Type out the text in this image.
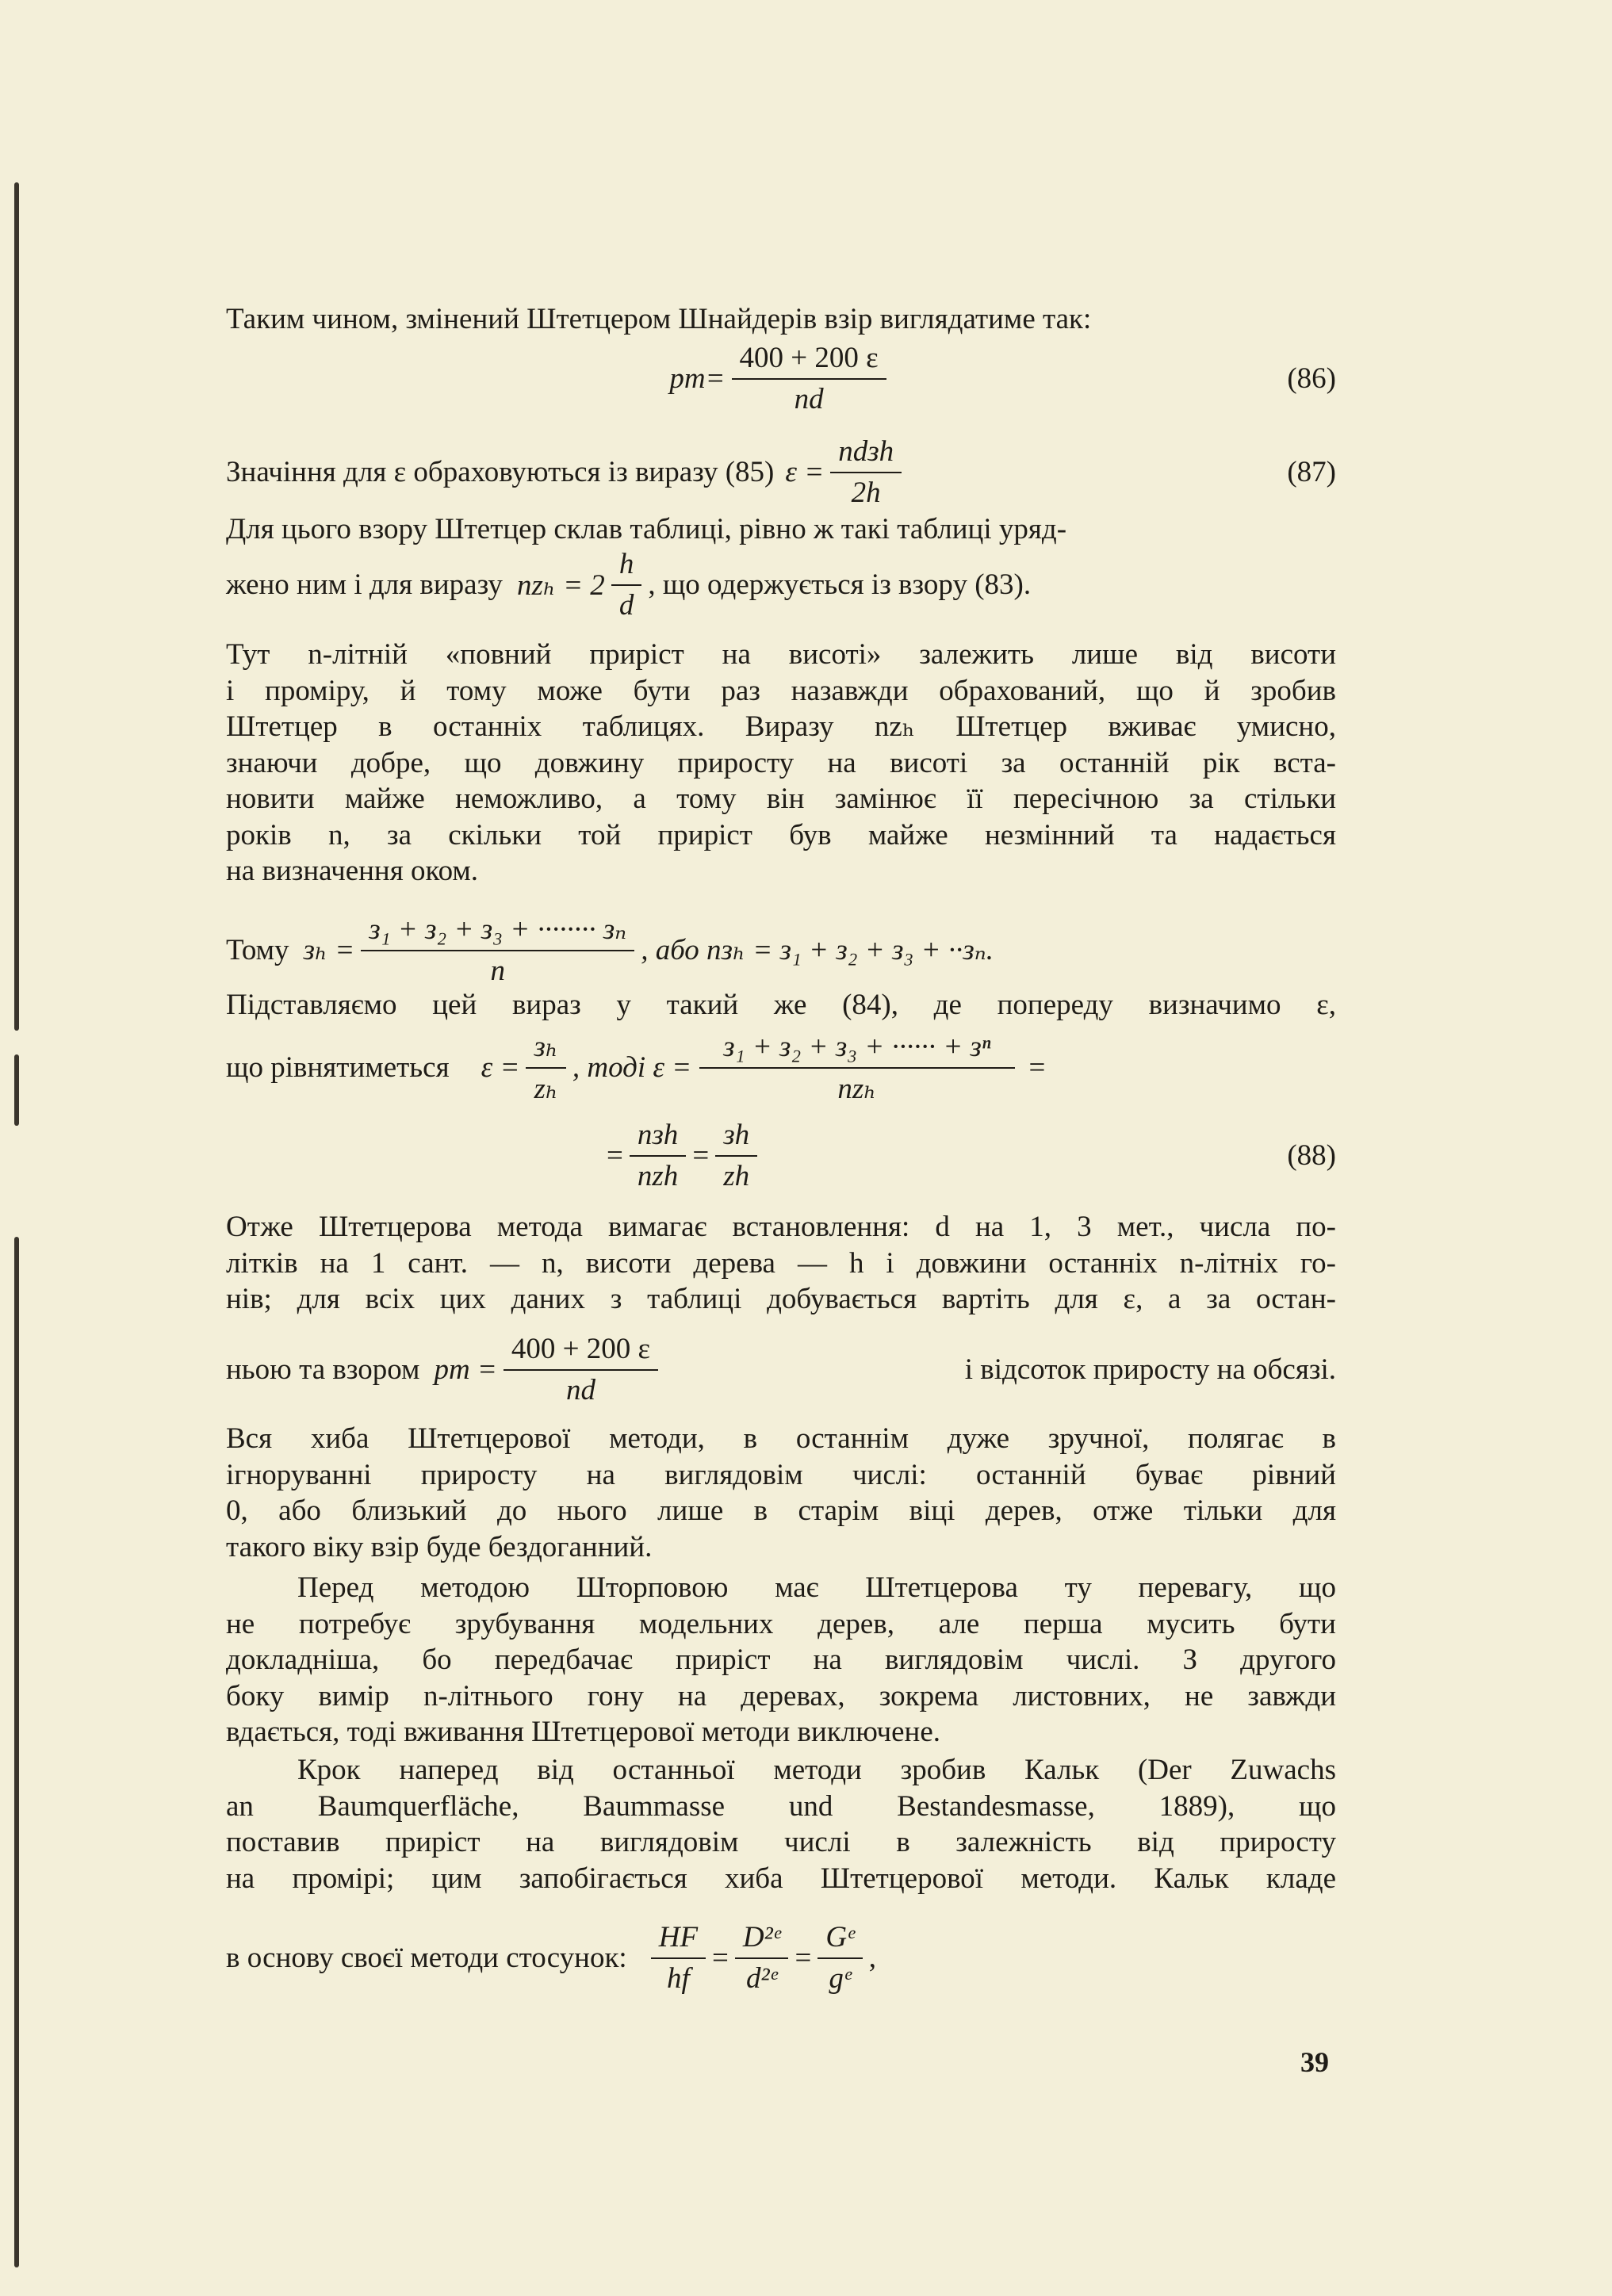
Таким чином, змінений Штетцером Шнайдерів взір виглядатиме так:
$pm= \frac{400 + 200 \varepsilon}{nd}$	(86)
Значіння для ε обраховуються із виразу (85) $\varepsilon = \frac{\text{ndзh}}{2h}$	(87)
Для цього взору Штетцер склав таблиці, рівно ж такі таблиці уряд-
жено ним і для виразу $nz_h = 2 \frac{h}{d}$ , що одержується із взору (83).
Тут n-літній «повний приріст на висоті» залежить лише від висоти
і проміру, й тому може бути раз назавжди обрахований, що й зробив
Штетцер в останніх таблицях. Виразу nzₕ Штетцер вживає умисно,
знаючи добре, що довжину приросту на висоті за останній рік вста-
новити майже неможливо, а тому він замінює її пересічною за стільки
років n, за скільки той приріст був майже незмінний та надається
на визначення оком.
Тому $з_h = \frac{\text{з₁ + з₂ + з₃ + ········ зₙ}}{n}$ , або nзₕ = з₁ + з₂ + з₃ + ··зₙ.
Підставляємо цей вираз у такий же (84), де попереду визначимо ε,
що рівнятиметься $\varepsilon = \frac{\text{зₕ}}{\text{zₕ}}$ , тоді $\varepsilon = \frac{\text{з₁ + з₂ + з₃ + ······ + зⁿ}}{\text{nzₕ}}$ =
= $\frac{\text{nзh}}{\text{nzh}} = \frac{зh}{zh}$	(88)
Отже Штетцерова метода вимагає встановлення: d на 1, 3 мет., числа по-
літків на 1 сант. — n, висоти дерева — h і довжини останніх n-літніх го-
нів; для всіх цих даних з таблиці добувається вартіть для ε, а за остан-
ньою та взором pm = $\frac{400 + 200 \varepsilon}{nd}$	і відсоток приросту на обсязі.
Вся хиба Штетцерової методи, в останнім дуже зручної, полягає в
ігноруванні приросту на виглядовім числі: останній буває рівний
0, або близький до нього лише в старім віці дерев, отже тільки для
такого віку взір буде бездоганний.
Перед методою Шторповою має Штетцерова ту перевагу, що
не потребує зрубування модельних дерев, але перша мусить бути
докладніша, бо передбачає приріст на виглядовім числі. З другого
боку вимір n-літнього гону на деревах, зокрема листовних, не завжди
вдається, тоді вживання Штетцерової методи виключене.
Крок наперед від останньої методи зробив Кальк (Der Zuwachs
an Baumquerfläche, Baummasse und Bestandesmasse, 1889), що
поставив приріст на виглядовім числі в залежність від приросту
на промірі; цим запобігається хиба Штетцерової методи. Кальк кладе
в основу своєї методи стосунок: $\frac{HF}{hf} = \frac{\text{D²ᵉ}}{\text{d²ᵉ}} = \frac{\text{Gᵉ}}{\text{gᵉ}}$ ,
39
